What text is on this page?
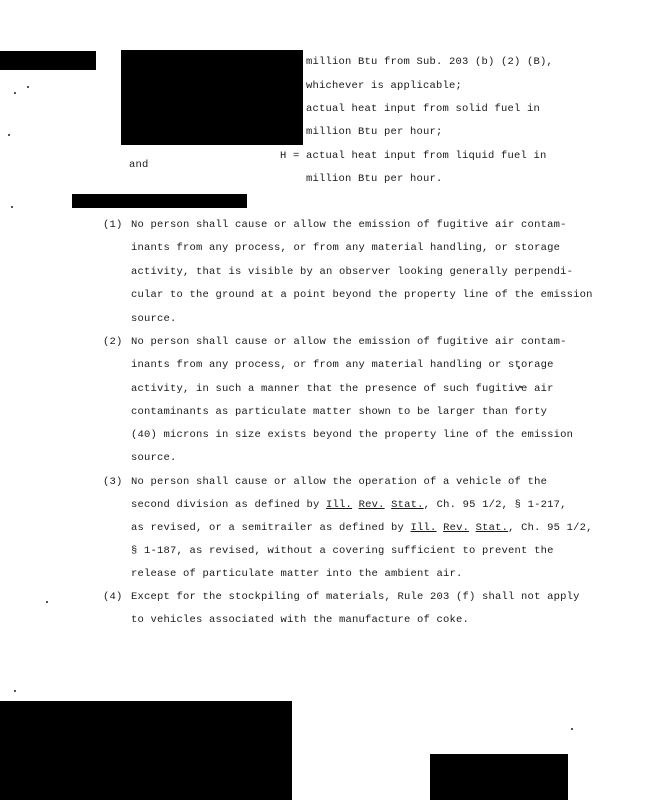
million Btu from Sub. 203 (b) (2) (B),
whichever is applicable;
actual heat input from solid fuel in
million Btu per hour;
and
H = actual heat input from liquid fuel in
million Btu per hour.
(1) No person shall cause or allow the emission of fugitive air contam-
inants from any process, or from any material handling, or storage
activity, that is visible by an observer looking generally perpendi-
cular to the ground at a point beyond the property line of the emission
source.
(2) No person shall cause or allow the emission of fugitive air contam-
inants from any process, or from any material handling or storage
activity, in such a manner that the presence of such fugitive air
contaminants as particulate matter shown to be larger than forty
(40) microns in size exists beyond the property line of the emission
source.
(3) No person shall cause or allow the operation of a vehicle of the
second division as defined by Ill. Rev. Stat., Ch. 95 1/2, § 1-217,
as revised, or a semitrailer as defined by Ill. Rev. Stat., Ch. 95 1/2,
§ 1-187, as revised, without a covering sufficient to prevent the
release of particulate matter into the ambient air.
(4) Except for the stockpiling of materials, Rule 203 (f) shall not apply
to vehicles associated with the manufacture of coke.
